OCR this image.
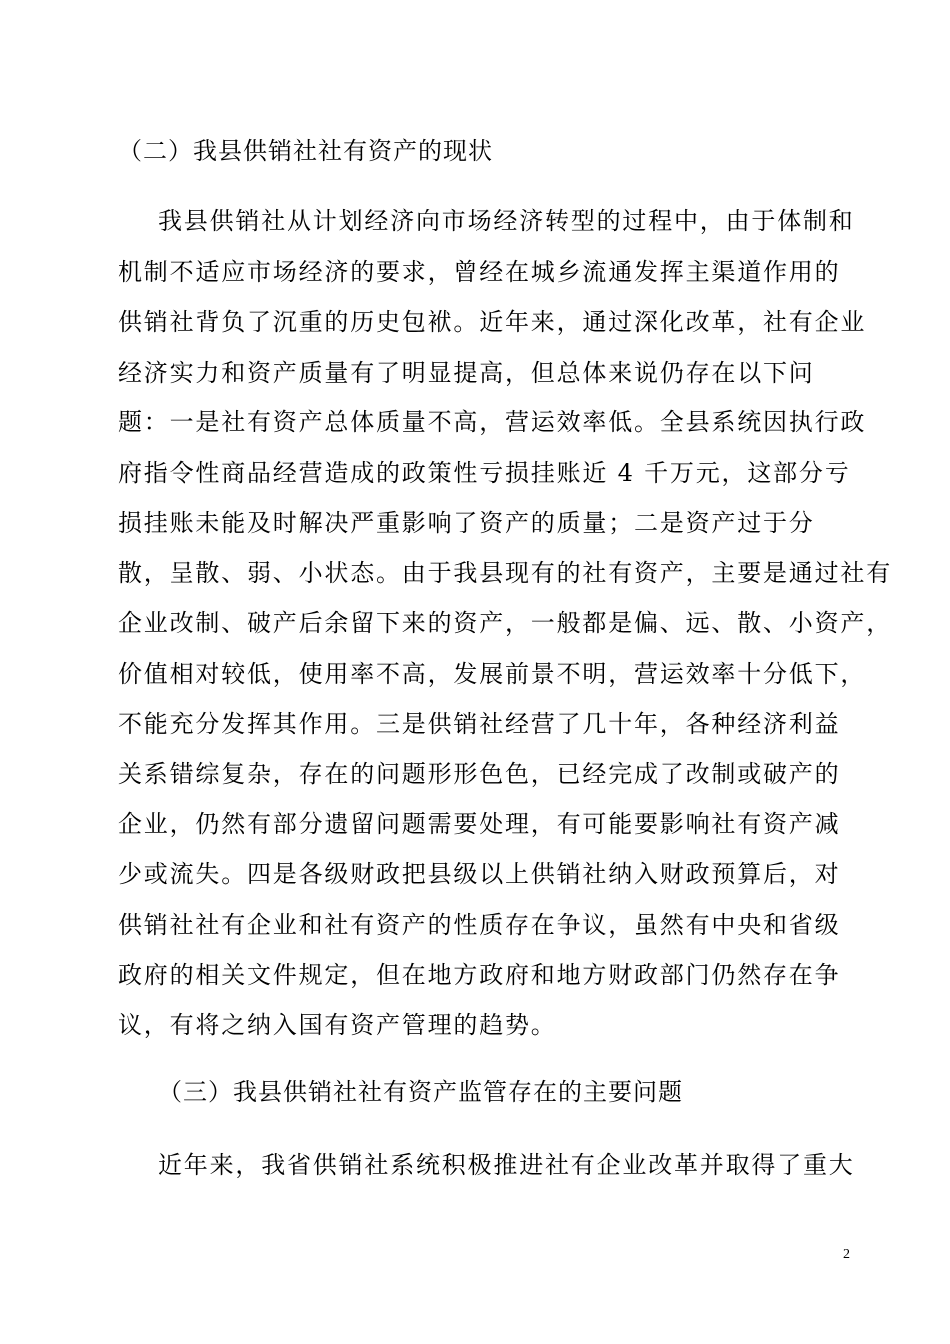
（二）我县供销社社有资产的现状
我县供销社从计划经济向市场经济转型的过程中，由于体制和
机制不适应市场经济的要求，曾经在城乡流通发挥主渠道作用的
供销社背负了沉重的历史包袱。近年来，通过深化改革，社有企业
经济实力和资产质量有了明显提高，但总体来说仍存在以下问
题：一是社有资产总体质量不高，营运效率低。全县系统因执行政
府指令性商品经营造成的政策性亏损挂账近 4 千万元，这部分亏
损挂账未能及时解决严重影响了资产的质量；二是资产过于分
散，呈散、弱、小状态。由于我县现有的社有资产，主要是通过社有
企业改制、破产后余留下来的资产，一般都是偏、远、散、小资产，
价值相对较低，使用率不高，发展前景不明，营运效率十分低下，
不能充分发挥其作用。三是供销社经营了几十年，各种经济利益
关系错综复杂，存在的问题形形色色，已经完成了改制或破产的
企业，仍然有部分遗留问题需要处理，有可能要影响社有资产减
少或流失。四是各级财政把县级以上供销社纳入财政预算后，对
供销社社有企业和社有资产的性质存在争议，虽然有中央和省级
政府的相关文件规定，但在地方政府和地方财政部门仍然存在争
议，有将之纳入国有资产管理的趋势。
（三）我县供销社社有资产监管存在的主要问题
近年来，我省供销社系统积极推进社有企业改革并取得了重大
2
